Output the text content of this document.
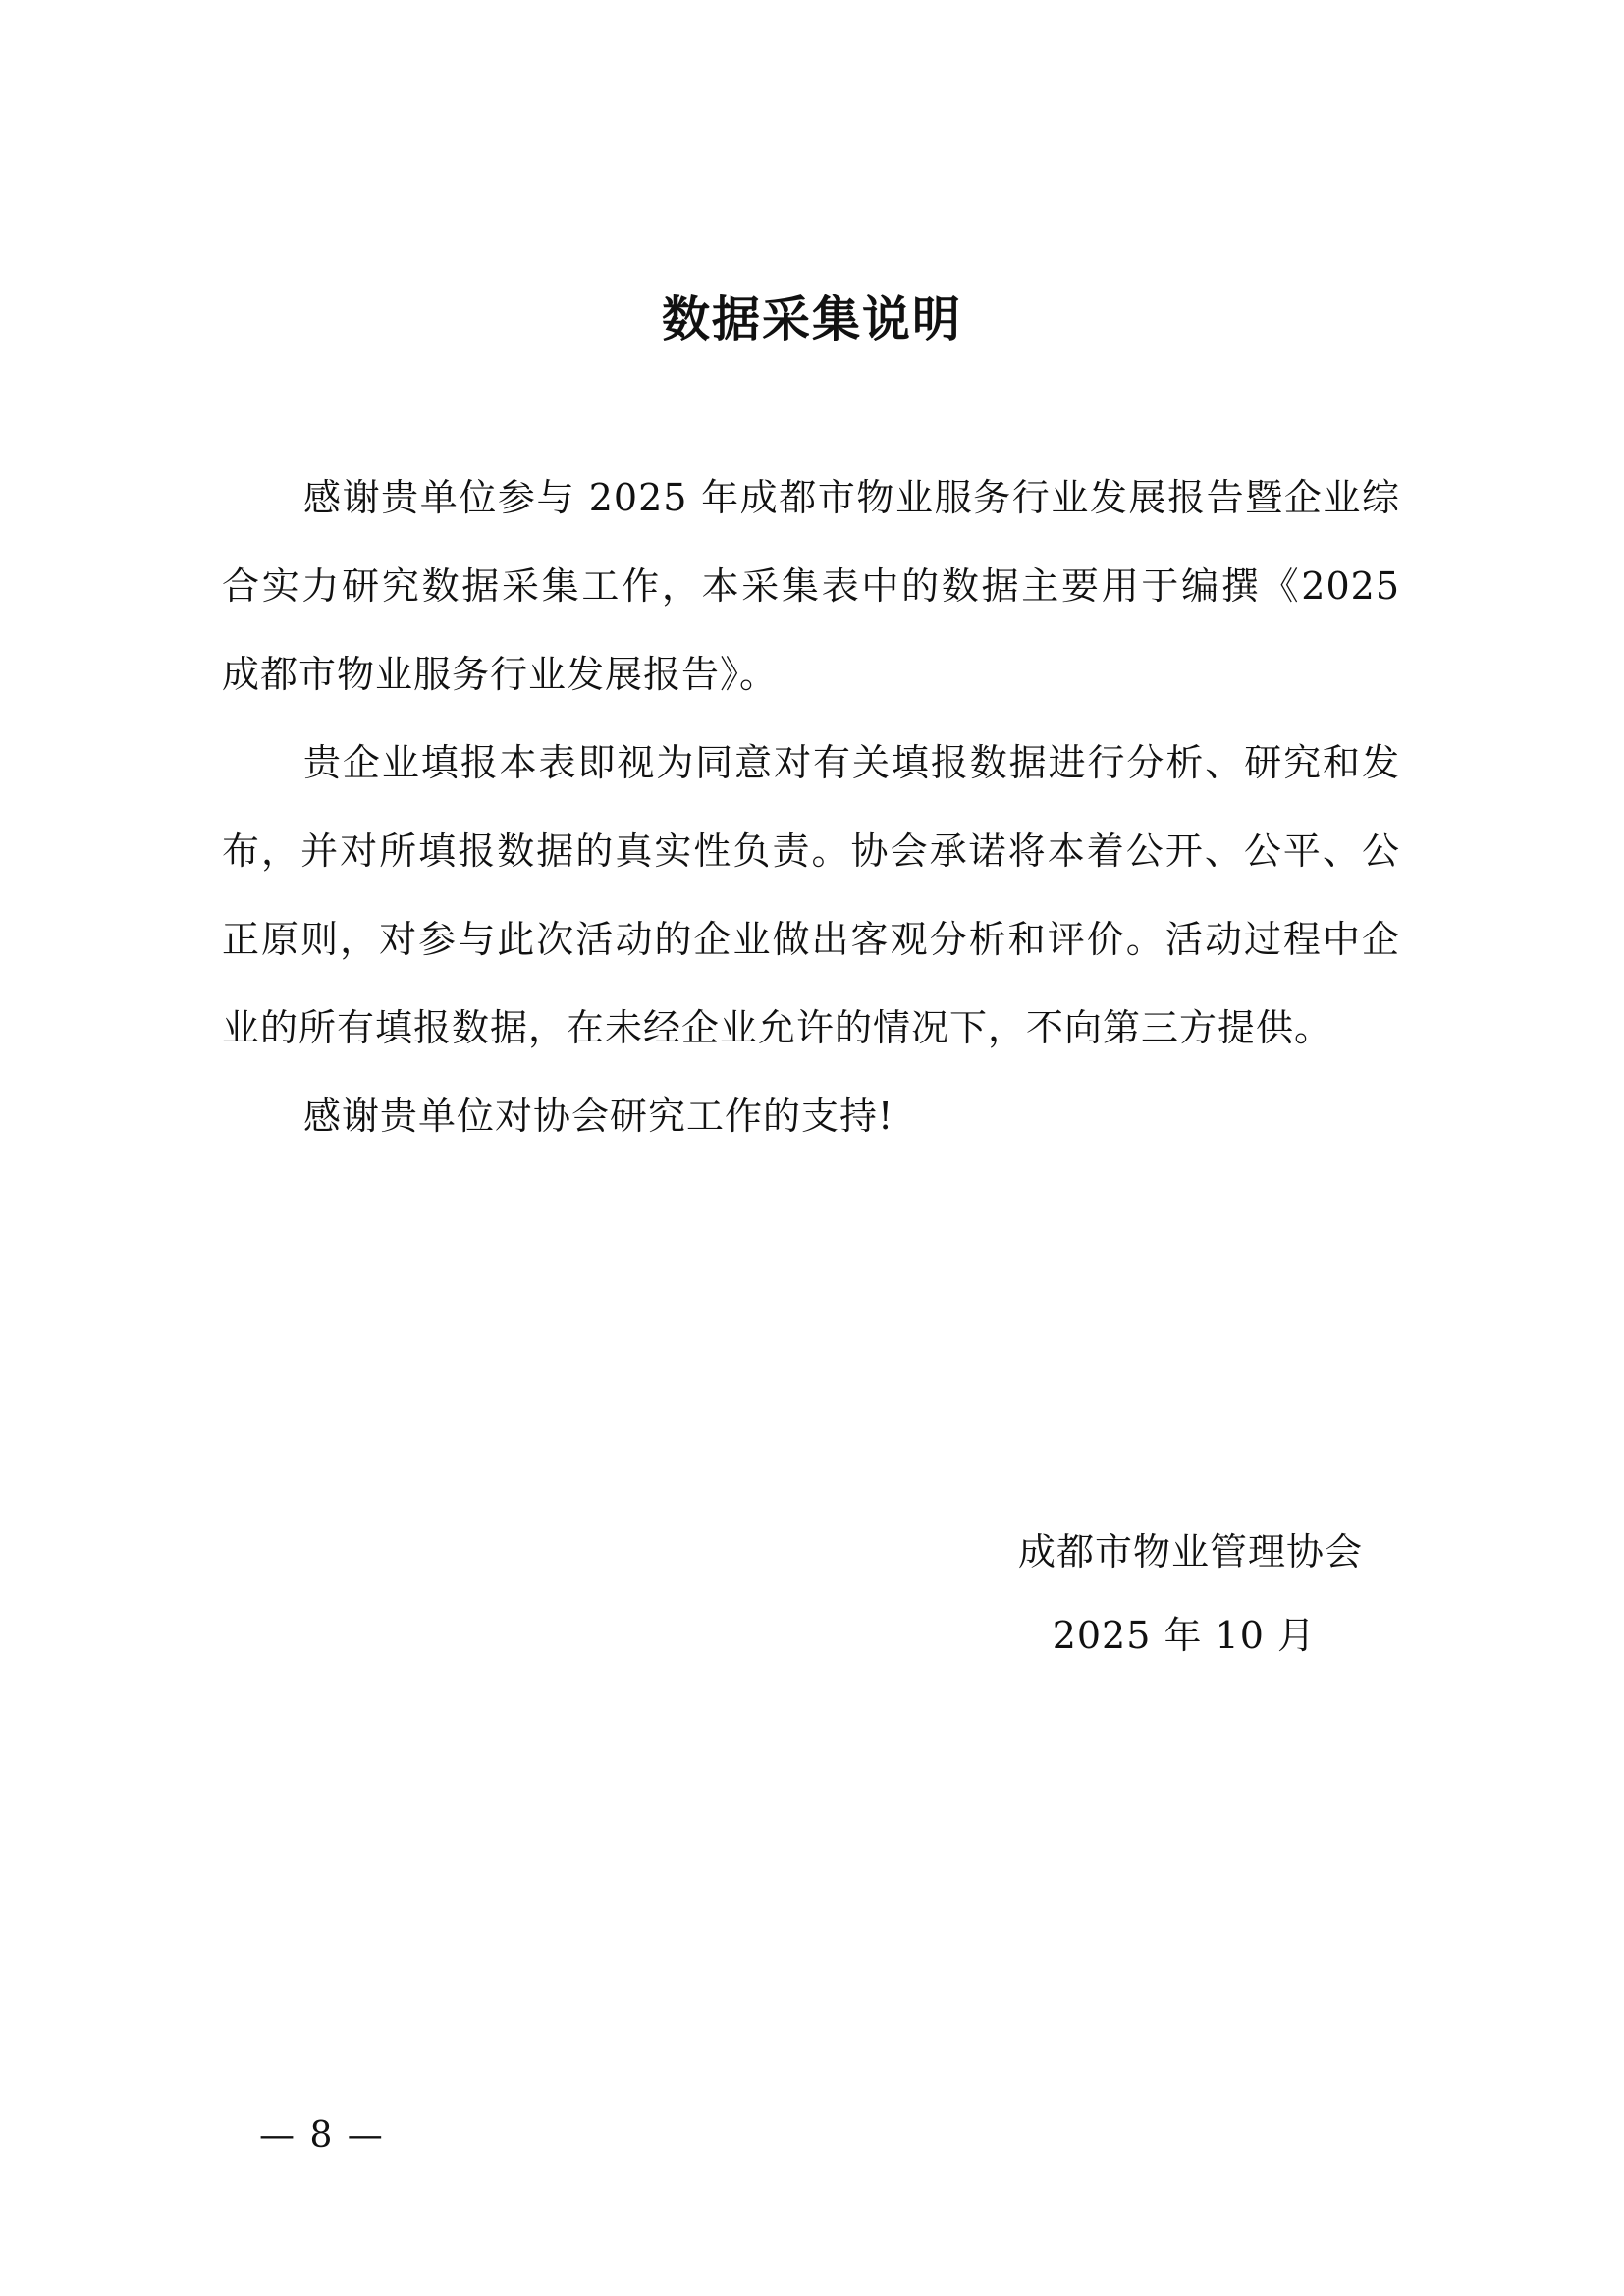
数据采集说明

感谢贵单位参与 2025 年成都市物业服务行业发展报告暨企业综合实力研究数据采集工作，本采集表中的数据主要用于编撰《2025 成都市物业服务行业发展报告》。

贵企业填报本表即视为同意对有关填报数据进行分析、研究和发布，并对所填报数据的真实性负责。协会承诺将本着公开、公平、公正原则，对参与此次活动的企业做出客观分析和评价。活动过程中企业的所有填报数据，在未经企业允许的情况下，不向第三方提供。

感谢贵单位对协会研究工作的支持!

成都市物业管理协会
2025 年 10 月
— 8 —
